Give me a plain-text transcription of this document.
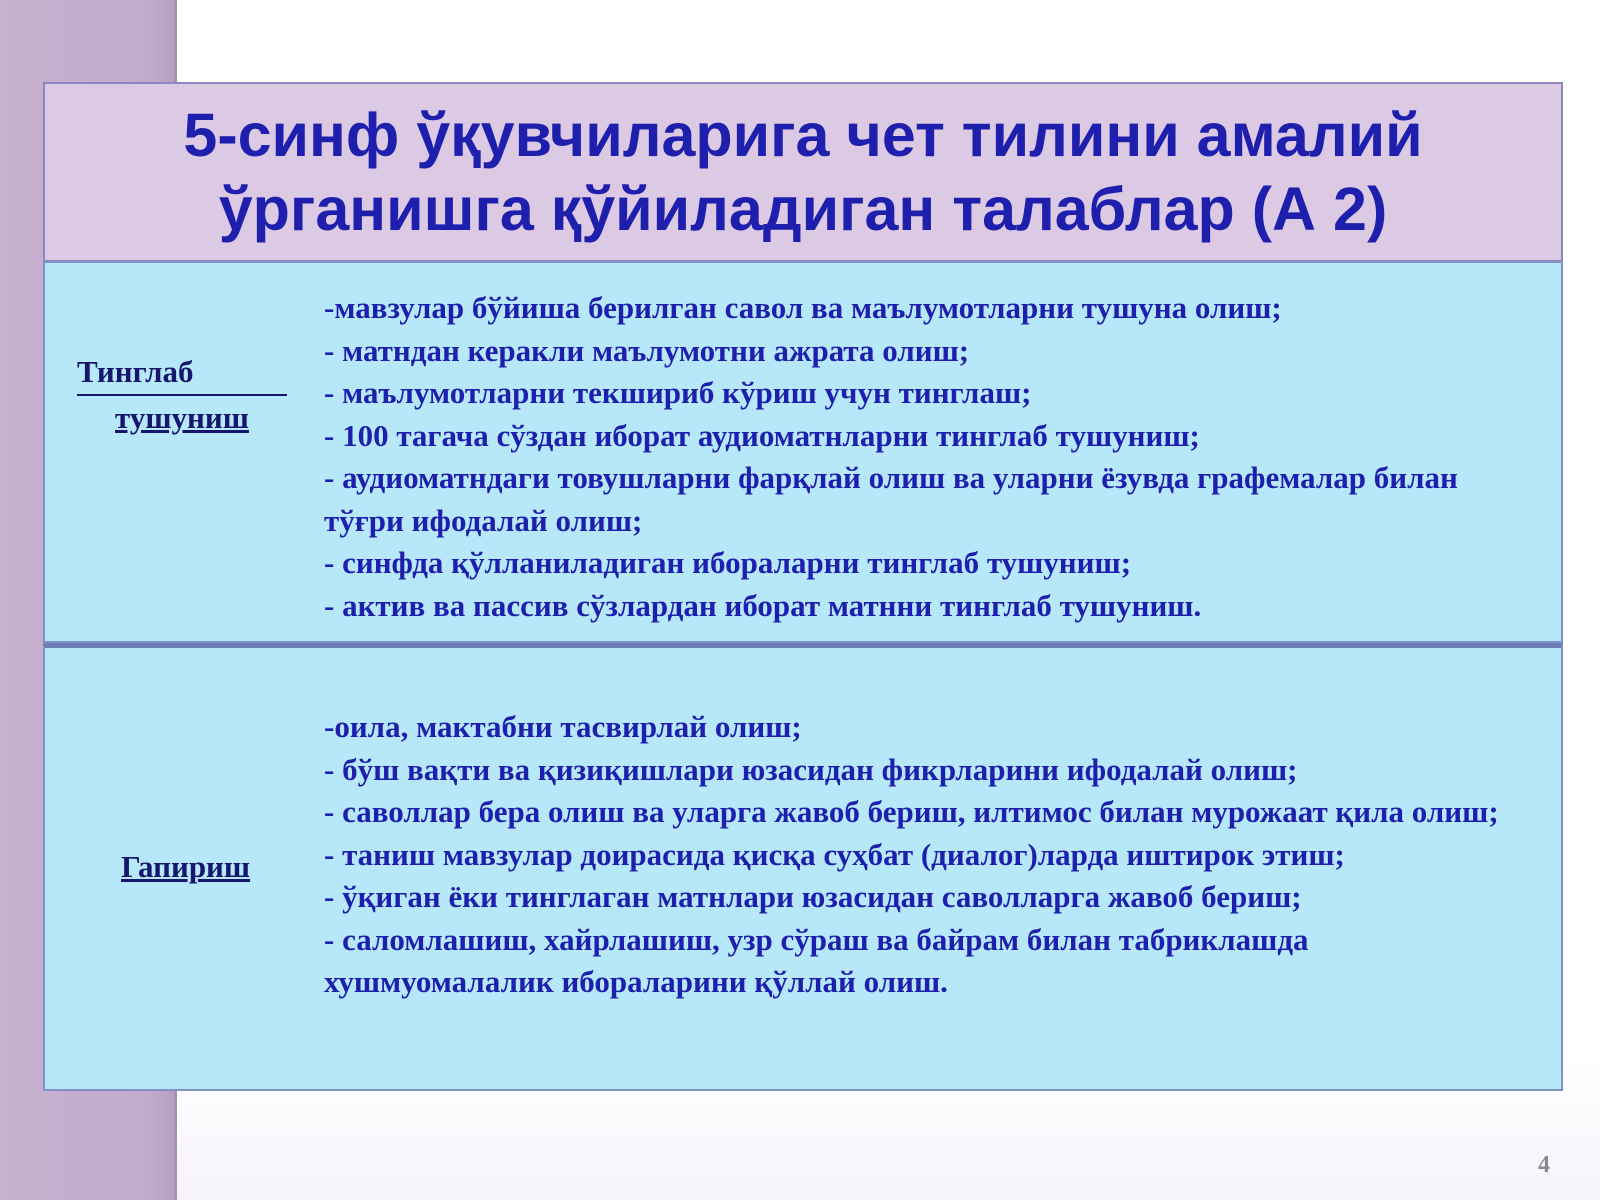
5-синф ўқувчиларига чет тилини амалий ўрганишга қўйиладиган талаблар (А 2)
Тинглаб
тушуниш
-мавзулар бўйиша берилган савол ва маълумотларни тушуна олиш;
- матндан керакли маълумотни ажрата олиш;
- маълумотларни текшириб кўриш учун тинглаш;
- 100 тагача сўздан иборат аудиоматнларни тинглаб тушуниш;
- аудиоматндаги товушларни фарқлай олиш ва уларни ёзувда графемалар билан тўғри ифодалай олиш;
- синфда қўлланиладиган ибораларни тинглаб тушуниш;
- актив ва пассив сўзлардан иборат матнни тинглаб тушуниш.
Гапириш
-оила, мактабни тасвирлай олиш;
- бўш вақти ва қизиқишлари юзасидан фикрларини ифодалай олиш;
- саволлар бера олиш ва уларга жавоб бериш, илтимос билан мурожаат қила олиш;
- таниш мавзулар доирасида қисқа суҳбат (диалог)ларда иштирок этиш;
- ўқиган ёки тинглаган матнлари юзасидан саволларга жавоб бериш;
- саломлашиш, хайрлашиш, узр сўраш ва байрам билан табриклашда хушмуомалалик ибораларини қўллай олиш.
4
